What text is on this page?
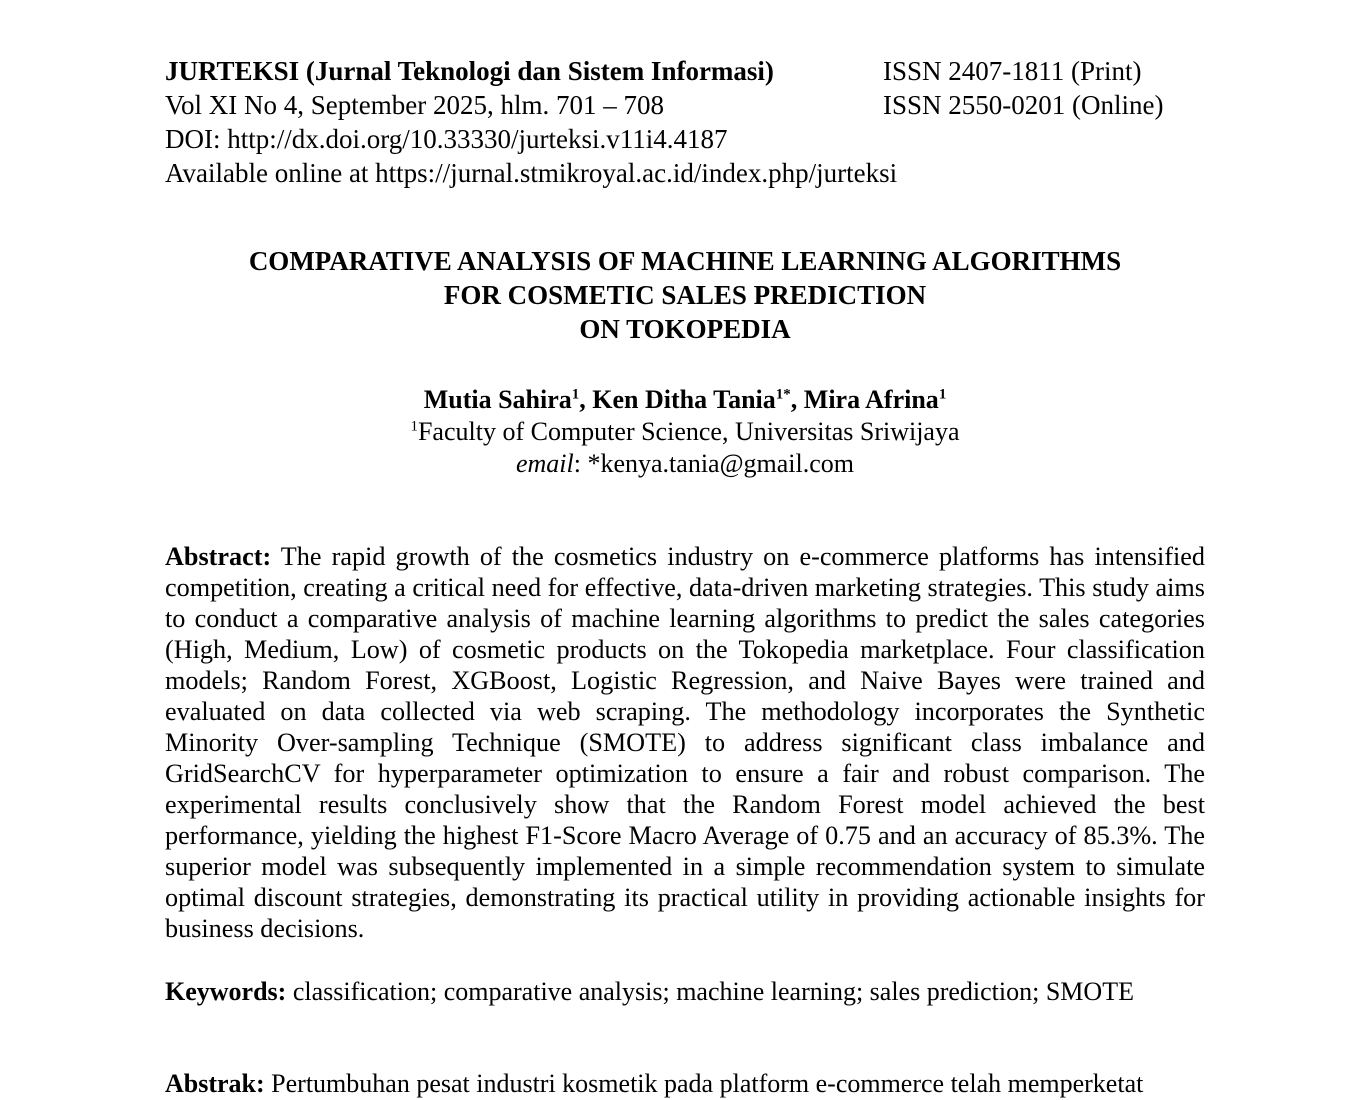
JURTEKSI (Jurnal Teknologi dan Sistem Informasi)	ISSN 2407-1811 (Print)
Vol XI No 4, September 2025, hlm. 701 – 708	ISSN 2550-0201 (Online)
DOI: http://dx.doi.org/10.33330/jurteksi.v11i4.4187
Available online at https://jurnal.stmikroyal.ac.id/index.php/jurteksi
COMPARATIVE ANALYSIS OF MACHINE LEARNING ALGORITHMS
FOR COSMETIC SALES PREDICTION
ON TOKOPEDIA
Mutia Sahira$^1$, Ken Ditha Tania$^{1*}$, Mira Afrina$^1$
$^1$Faculty of Computer Science, Universitas Sriwijaya
email: *kenya.tania@gmail.com
Abstract: The rapid growth of the cosmetics industry on e-commerce platforms has intensified competition, creating a critical need for effective, data-driven marketing strategies. This study aims to conduct a comparative analysis of machine learning algorithms to predict the sales categories (High, Medium, Low) of cosmetic products on the Tokopedia marketplace. Four classification models; Random Forest, XGBoost, Logistic Regression, and Naive Bayes were trained and evaluated on data collected via web scraping. The methodology incorporates the Synthetic Minority Over-sampling Technique (SMOTE) to address significant class imbalance and GridSearchCV for hyperparameter optimization to ensure a fair and robust comparison. The experimental results conclusively show that the Random Forest model achieved the best performance, yielding the highest F1-Score Macro Average of 0.75 and an accuracy of 85.3%. The superior model was subsequently implemented in a simple recommendation system to simulate optimal discount strategies, demonstrating its practical utility in providing actionable insights for business decisions.
Keywords: classification; comparative analysis; machine learning; sales prediction; SMOTE
Abstrak: Pertumbuhan pesat industri kosmetik pada platform e-commerce telah memperketat
